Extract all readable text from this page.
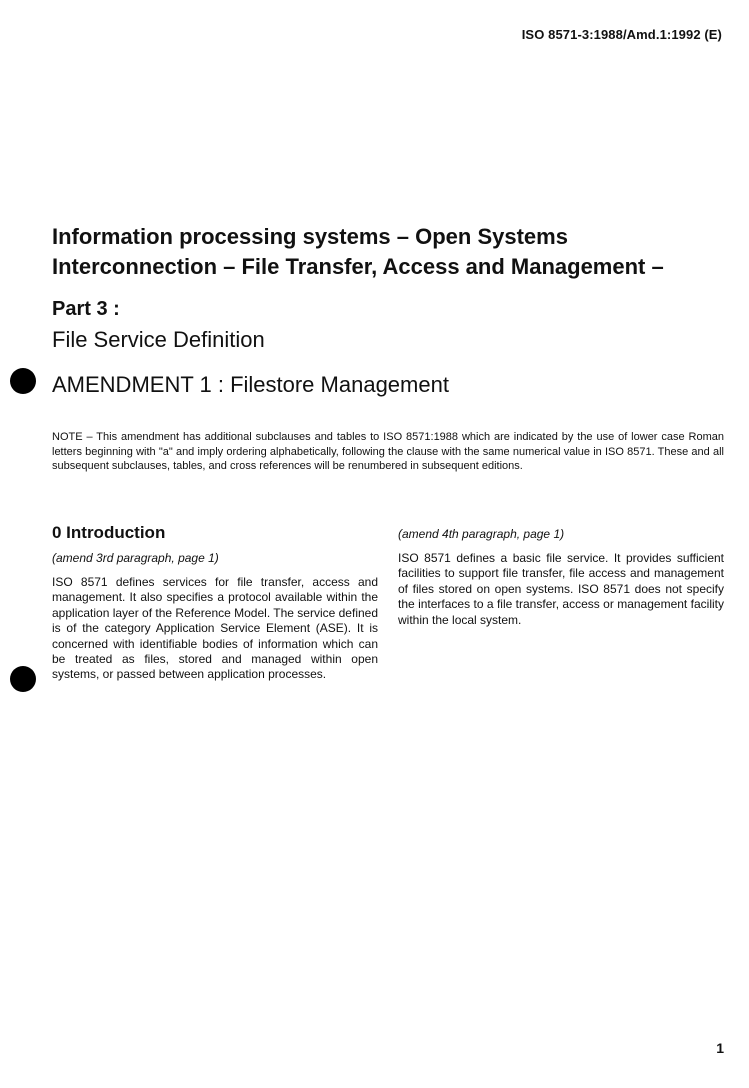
ISO 8571-3:1988/Amd.1:1992 (E)
Information processing systems – Open Systems Interconnection – File Transfer, Access and Management –
Part 3 :
File Service Definition
AMENDMENT 1 : Filestore Management
NOTE – This amendment has additional subclauses and tables to ISO 8571:1988 which are indicated by the use of lower case Roman letters beginning with "a" and imply ordering alphabetically, following the clause with the same numerical value in ISO 8571. These and all subsequent subclauses, tables, and cross references will be renumbered in subsequent editions.
0 Introduction
(amend 3rd paragraph, page 1)

ISO 8571 defines services for file transfer, access and management. It also specifies a protocol available within the application layer of the Reference Model. The service defined is of the category Application Service Element (ASE). It is concerned with identifiable bodies of information which can be treated as files, stored and managed within open systems, or passed between application processes.

(amend 4th paragraph, page 1)

ISO 8571 defines a basic file service. It provides sufficient facilities to support file transfer, file access and management of files stored on open systems. ISO 8571 does not specify the interfaces to a file transfer, access or management facility within the local system.

1
